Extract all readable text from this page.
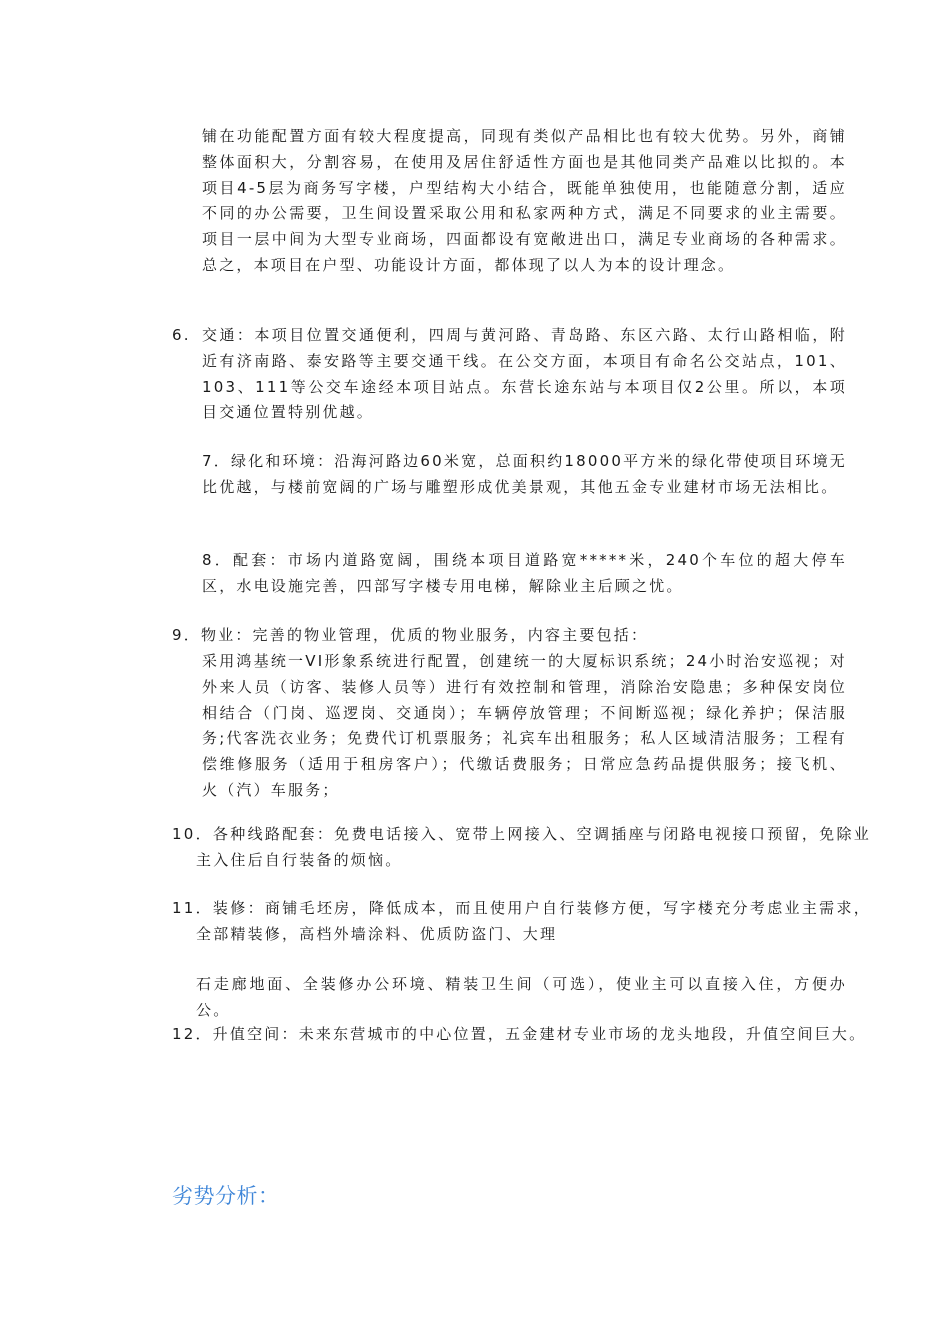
铺在功能配置方面有较大程度提高，同现有类似产品相比也有较大优势。另外，商铺整体面积大，分割容易，在使用及居住舒适性方面也是其他同类产品难以比拟的。本项目4-5层为商务写字楼，户型结构大小结合，既能单独使用，也能随意分割，适应不同的办公需要，卫生间设置采取公用和私家两种方式，满足不同要求的业主需要。项目一层中间为大型专业商场，四面都设有宽敞进出口，满足专业商场的各种需求。总之，本项目在户型、功能设计方面，都体现了以人为本的设计理念。

6. 交通：本项目位置交通便利，四周与黄河路、青岛路、东区六路、太行山路相临，附近有济南路、泰安路等主要交通干线。在公交方面，本项目有命名公交站点，101、103、111等公交车途经本项目站点。东营长途东站与本项目仅2公里。所以，本项目交通位置特别优越。

7．绿化和环境：沿海河路边60米宽，总面积约18000平方米的绿化带使项目环境无比优越，与楼前宽阔的广场与雕塑形成优美景观，其他五金专业建材市场无法相比。

8．配套：市场内道路宽阔，围绕本项目道路宽*****米，240个车位的超大停车区，水电设施完善，四部写字楼专用电梯，解除业主后顾之忧。

9．物业：完善的物业管理，优质的物业服务，内容主要包括：

采用鸿基统一VI形象系统进行配置，创建统一的大厦标识系统；24小时治安巡视；对外来人员（访客、装修人员等）进行有效控制和管理，消除治安隐患；多种保安岗位相结合（门岗、巡逻岗、交通岗）；车辆停放管理；不间断巡视；绿化养护；保洁服务;代客洗衣业务；免费代订机票服务；礼宾车出租服务；私人区域清洁服务；工程有偿维修服务（适用于租房客户）；代缴话费服务；日常应急药品提供服务；接飞机、火（汽）车服务；

10．各种线路配套：免费电话接入、宽带上网接入、空调插座与闭路电视接口预留，免除业主入住后自行装备的烦恼。

11．装修：商铺毛坯房，降低成本，而且使用户自行装修方便，写字楼充分考虑业主需求，全部精装修，高档外墙涂料、优质防盗门、大理

石走廊地面、全装修办公环境、精装卫生间（可选），使业主可以直接入住，方便办公。

12．升值空间：未来东营城市的中心位置，五金建材专业市场的龙头地段，升值空间巨大。

劣势分析：
